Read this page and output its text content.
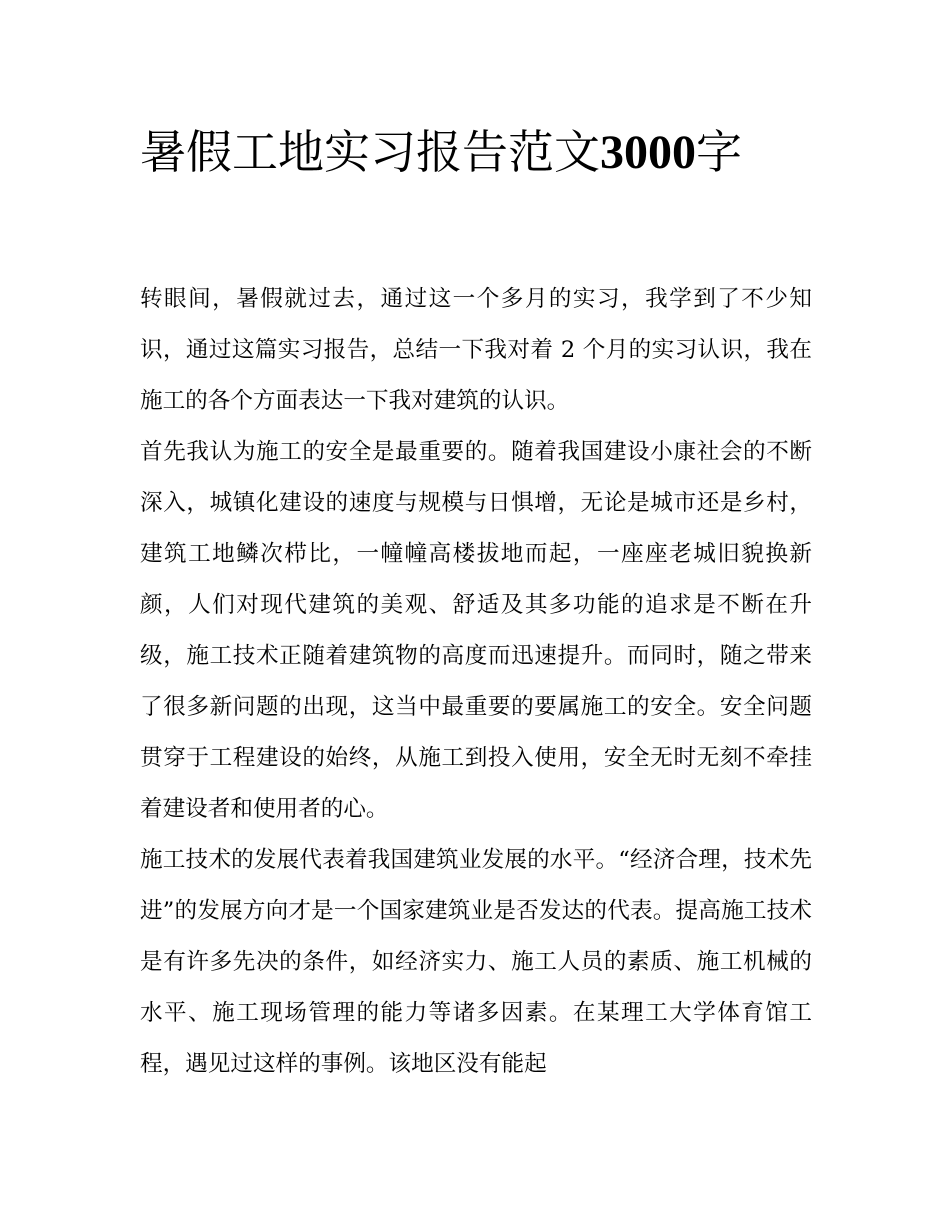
暑假工地实习报告范文3000字

转眼间，暑假就过去，通过这一个多月的实习，我学到了不少知识，通过这篇实习报告，总结一下我对着 2 个月的实习认识，我在施工的各个方面表达一下我对建筑的认识。

首先我认为施工的安全是最重要的。随着我国建设小康社会的不断深入，城镇化建设的速度与规模与日惧增，无论是城市还是乡村，建筑工地鳞次栉比，一幢幢高楼拔地而起，一座座老城旧貌换新颜，人们对现代建筑的美观、舒适及其多功能的追求是不断在升级，施工技术正随着建筑物的高度而迅速提升。而同时，随之带来了很多新问题的出现，这当中最重要的要属施工的安全。安全问题贯穿于工程建设的始终，从施工到投入使用，安全无时无刻不牵挂着建设者和使用者的心。

施工技术的发展代表着我国建筑业发展的水平。“经济合理，技术先进”的发展方向才是一个国家建筑业是否发达的代表。提高施工技术是有许多先决的条件，如经济实力、施工人员的素质、施工机械的水平、施工现场管理的能力等诸多因素。在某理工大学体育馆工程，遇见过这样的事例。该地区没有能起
